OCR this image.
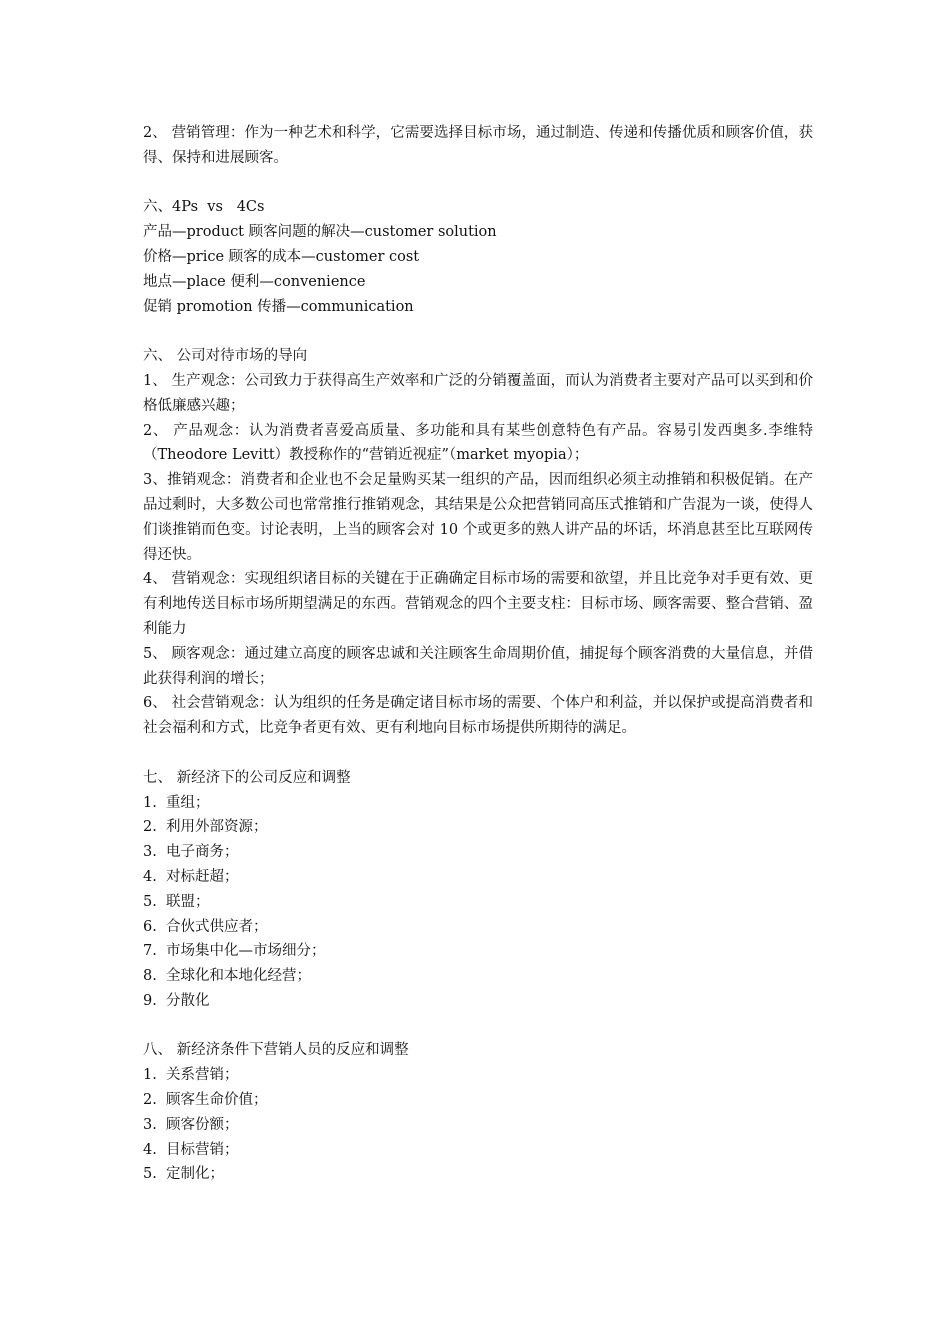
2、 营销管理：作为一种艺术和科学，它需要选择目标市场，通过制造、传递和传播优质和顾客价值，获得、保持和进展顾客。

六、4Ps  vs   4Cs

产品—product 顾客问题的解决—customer solution

价格—price 顾客的成本—customer cost

地点—place 便利—convenience

促销 promotion 传播—communication

六、 公司对待市场的导向

1、 生产观念：公司致力于获得高生产效率和广泛的分销覆盖面，而认为消费者主要对产品可以买到和价格低廉感兴趣；

2、 产品观念：认为消费者喜爱高质量、多功能和具有某些创意特色有产品。容易引发西奥多.李维特（Theodore Levitt）教授称作的“营销近视症”（market myopia）；

3、推销观念：消费者和企业也不会足量购买某一组织的产品，因而组织必须主动推销和积极促销。在产品过剩时，大多数公司也常常推行推销观念，其结果是公众把营销同高压式推销和广告混为一谈，使得人们谈推销而色变。讨论表明，上当的顾客会对 10 个或更多的熟人讲产品的坏话，坏消息甚至比互联网传得还快。

4、 营销观念：实现组织诸目标的关键在于正确确定目标市场的需要和欲望，并且比竞争对手更有效、更有利地传送目标市场所期望满足的东西。营销观念的四个主要支柱：目标市场、顾客需要、整合营销、盈利能力

5、 顾客观念：通过建立高度的顾客忠诚和关注顾客生命周期价值，捕捉每个顾客消费的大量信息，并借此获得利润的增长；

6、 社会营销观念：认为组织的任务是确定诸目标市场的需要、个体户和利益，并以保护或提高消费者和社会福利和方式，比竞争者更有效、更有利地向目标市场提供所期待的满足。

七、 新经济下的公司反应和调整

1.  重组；

2.  利用外部资源；

3.  电子商务；

4.  对标赶超；

5.  联盟；

6.  合伙式供应者；

7.  市场集中化—市场细分；

8.  全球化和本地化经营；

9.  分散化

八、 新经济条件下营销人员的反应和调整

1.  关系营销；

2.  顾客生命价值；

3.  顾客份额；

4.  目标营销；

5.  定制化；
